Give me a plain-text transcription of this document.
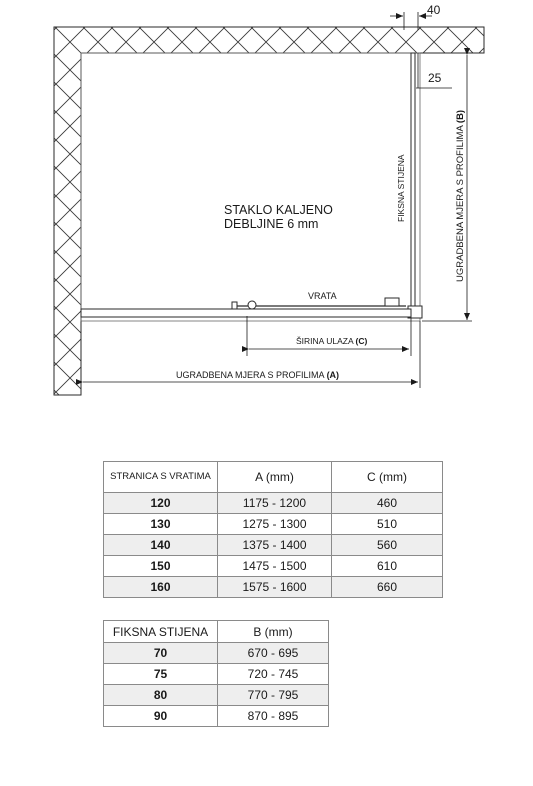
40
25
UGRADBENA MJERA S PROFILIMA (B)
STAKLO KALJENO
DEBLJINE 6 mm
FIKSNA STIJENA
VRATA
ŠIRINA ULAZA (C)
UGRADBENA MJERA S PROFILIMA (A)
STRANICA S VRATIMA	A (mm)	C (mm)
120	1175 - 1200	460
130	1275 - 1300	510
140	1375 - 1400	560
150	1475 - 1500	610
160	1575 - 1600	660
FIKSNA STIJENA	B (mm)
70	670 - 695
75	720 - 745
80	770 - 795
90	870 - 895
